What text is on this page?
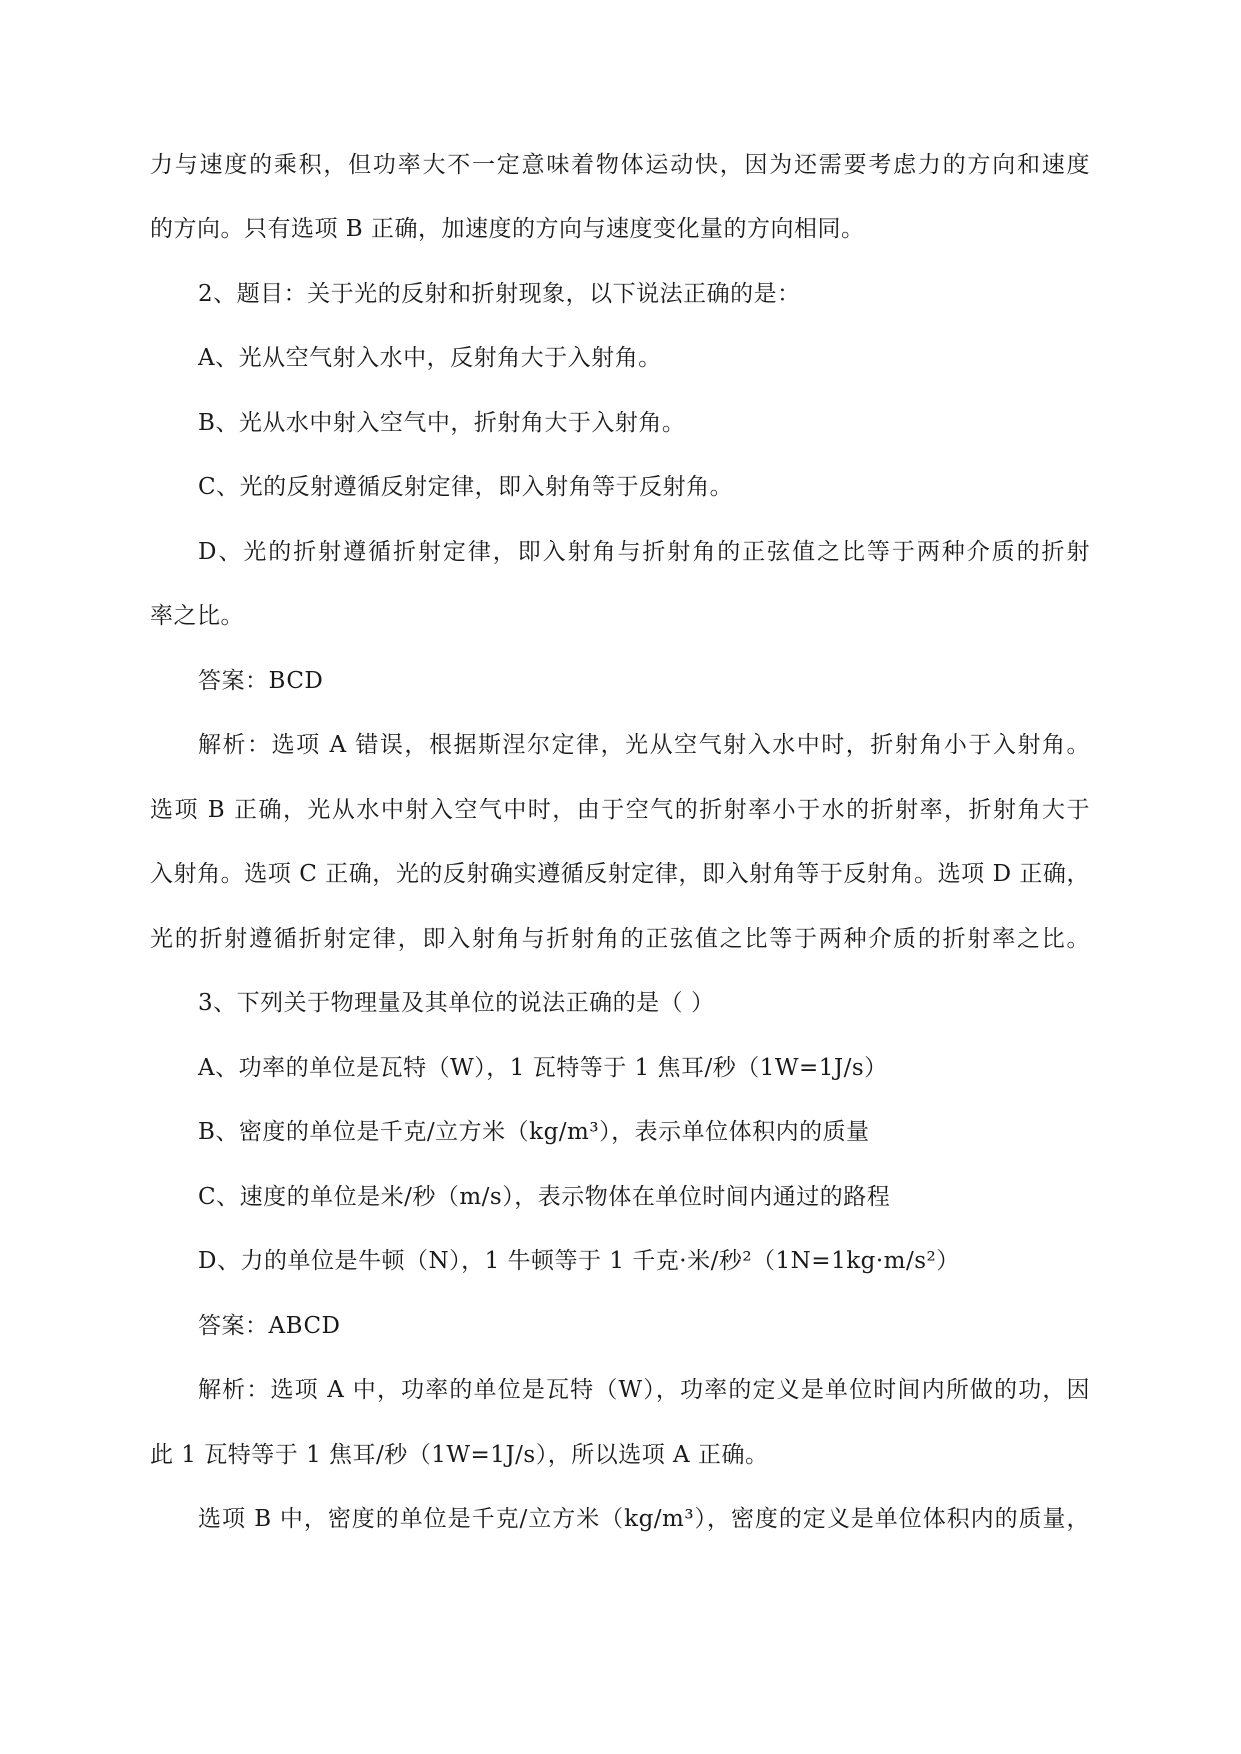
力与速度的乘积，但功率大不一定意味着物体运动快，因为还需要考虑力的方向和速度
的方向。只有选项 B 正确，加速度的方向与速度变化量的方向相同。
2、题目：关于光的反射和折射现象，以下说法正确的是：
A、光从空气射入水中，反射角大于入射角。
B、光从水中射入空气中，折射角大于入射角。
C、光的反射遵循反射定律，即入射角等于反射角。
D、光的折射遵循折射定律，即入射角与折射角的正弦值之比等于两种介质的折射
率之比。
答案：BCD
解析：选项 A 错误，根据斯涅尔定律，光从空气射入水中时，折射角小于入射角。
选项 B 正确，光从水中射入空气中时，由于空气的折射率小于水的折射率，折射角大于
入射角。选项 C 正确，光的反射确实遵循反射定律，即入射角等于反射角。选项 D 正确，
光的折射遵循折射定律，即入射角与折射角的正弦值之比等于两种介质的折射率之比。
3、下列关于物理量及其单位的说法正确的是（ ）
A、功率的单位是瓦特（W），1 瓦特等于 1 焦耳/秒（1W=1J/s）
B、密度的单位是千克/立方米（kg/m³），表示单位体积内的质量
C、速度的单位是米/秒（m/s），表示物体在单位时间内通过的路程
D、力的单位是牛顿（N），1 牛顿等于 1 千克·米/秒²（1N=1kg·m/s²）
答案：ABCD
解析：选项 A 中，功率的单位是瓦特（W），功率的定义是单位时间内所做的功，因
此 1 瓦特等于 1 焦耳/秒（1W=1J/s），所以选项 A 正确。
选项 B 中，密度的单位是千克/立方米（kg/m³），密度的定义是单位体积内的质量，
